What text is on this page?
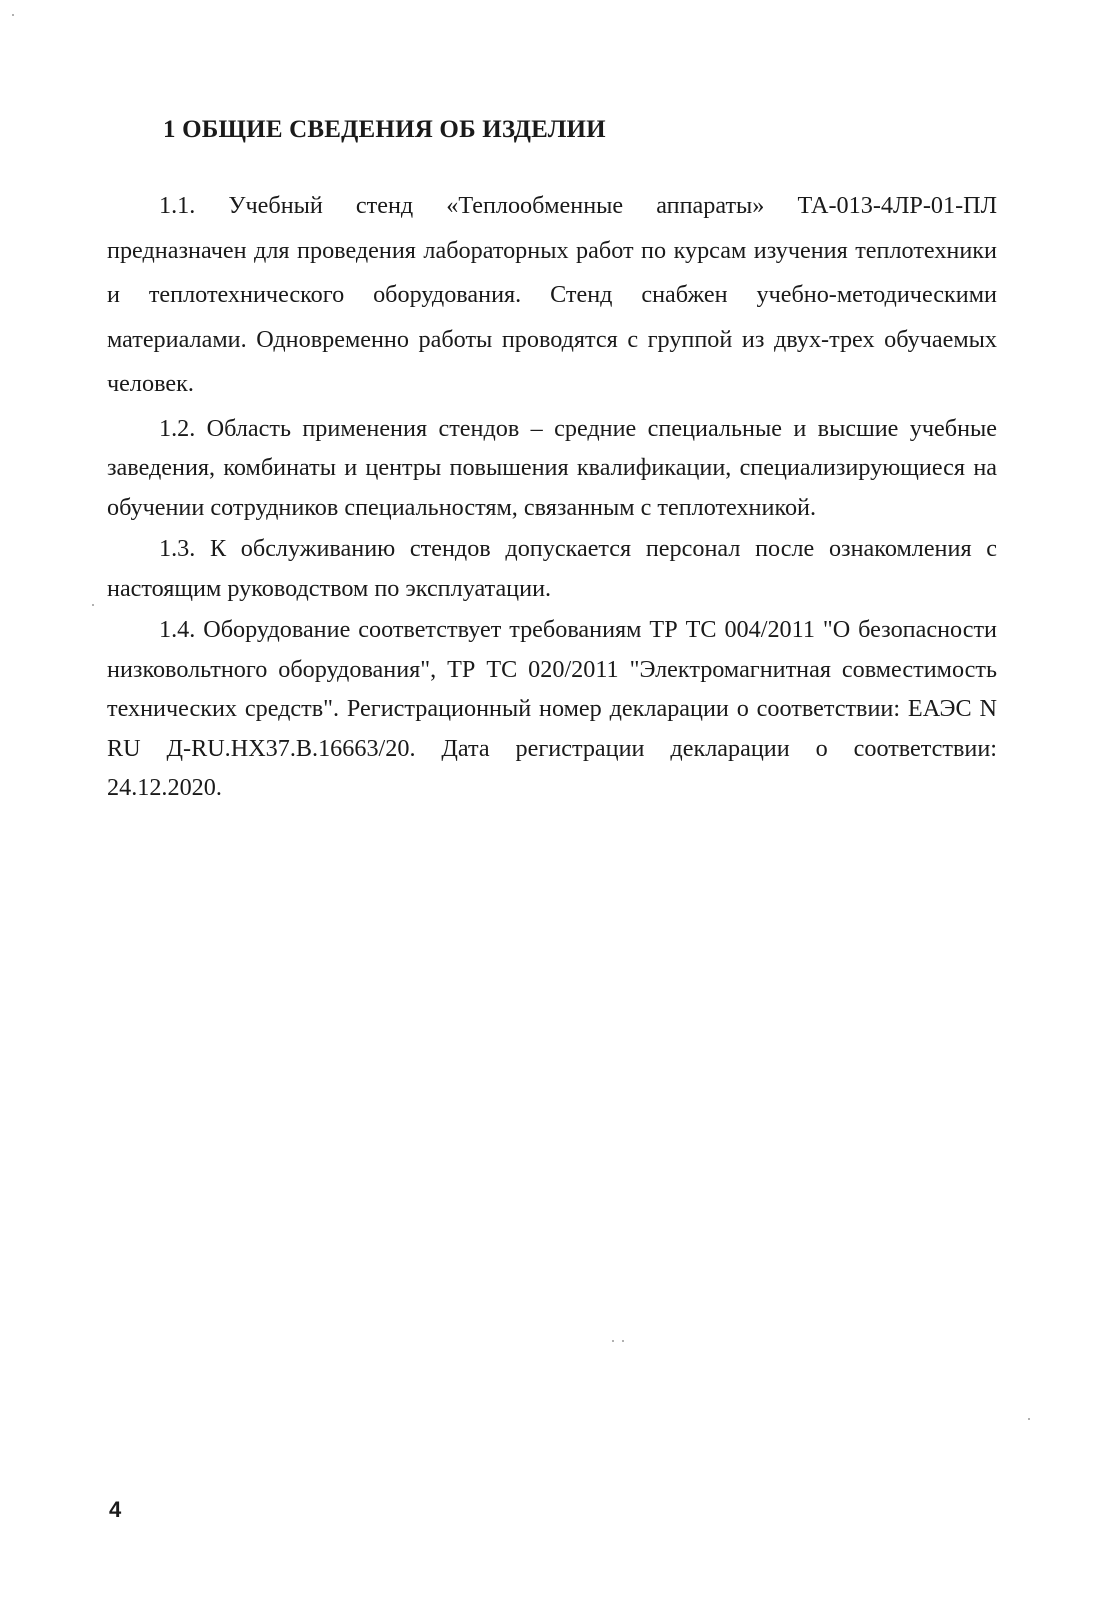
1 ОБЩИЕ СВЕДЕНИЯ ОБ ИЗДЕЛИИ

1.1. Учебный стенд «Теплообменные аппараты» ТА-013-4ЛР-01-ПЛ предназначен для проведения лабораторных работ по курсам изучения теплотехники и теплотехнического оборудования. Стенд снабжен учебно-методическими материалами. Одновременно работы проводятся с группой из двух-трех обучаемых человек.

1.2. Область применения стендов – средние специальные и высшие учебные заведения, комбинаты и центры повышения квалификации, специализирующиеся на обучении сотрудников специальностям, связанным с теплотехникой.

1.3. К обслуживанию стендов допускается персонал после ознакомления с настоящим руководством по эксплуатации.

1.4. Оборудование соответствует требованиям ТР ТС 004/2011 "О безопасности низковольтного оборудования", ТР ТС 020/2011 "Электромагнитная совместимость технических средств". Регистрационный номер декларации о соответствии: ЕАЭС N RU Д-RU.НХ37.В.16663/20. Дата регистрации декларации о соответствии: 24.12.2020.

4
